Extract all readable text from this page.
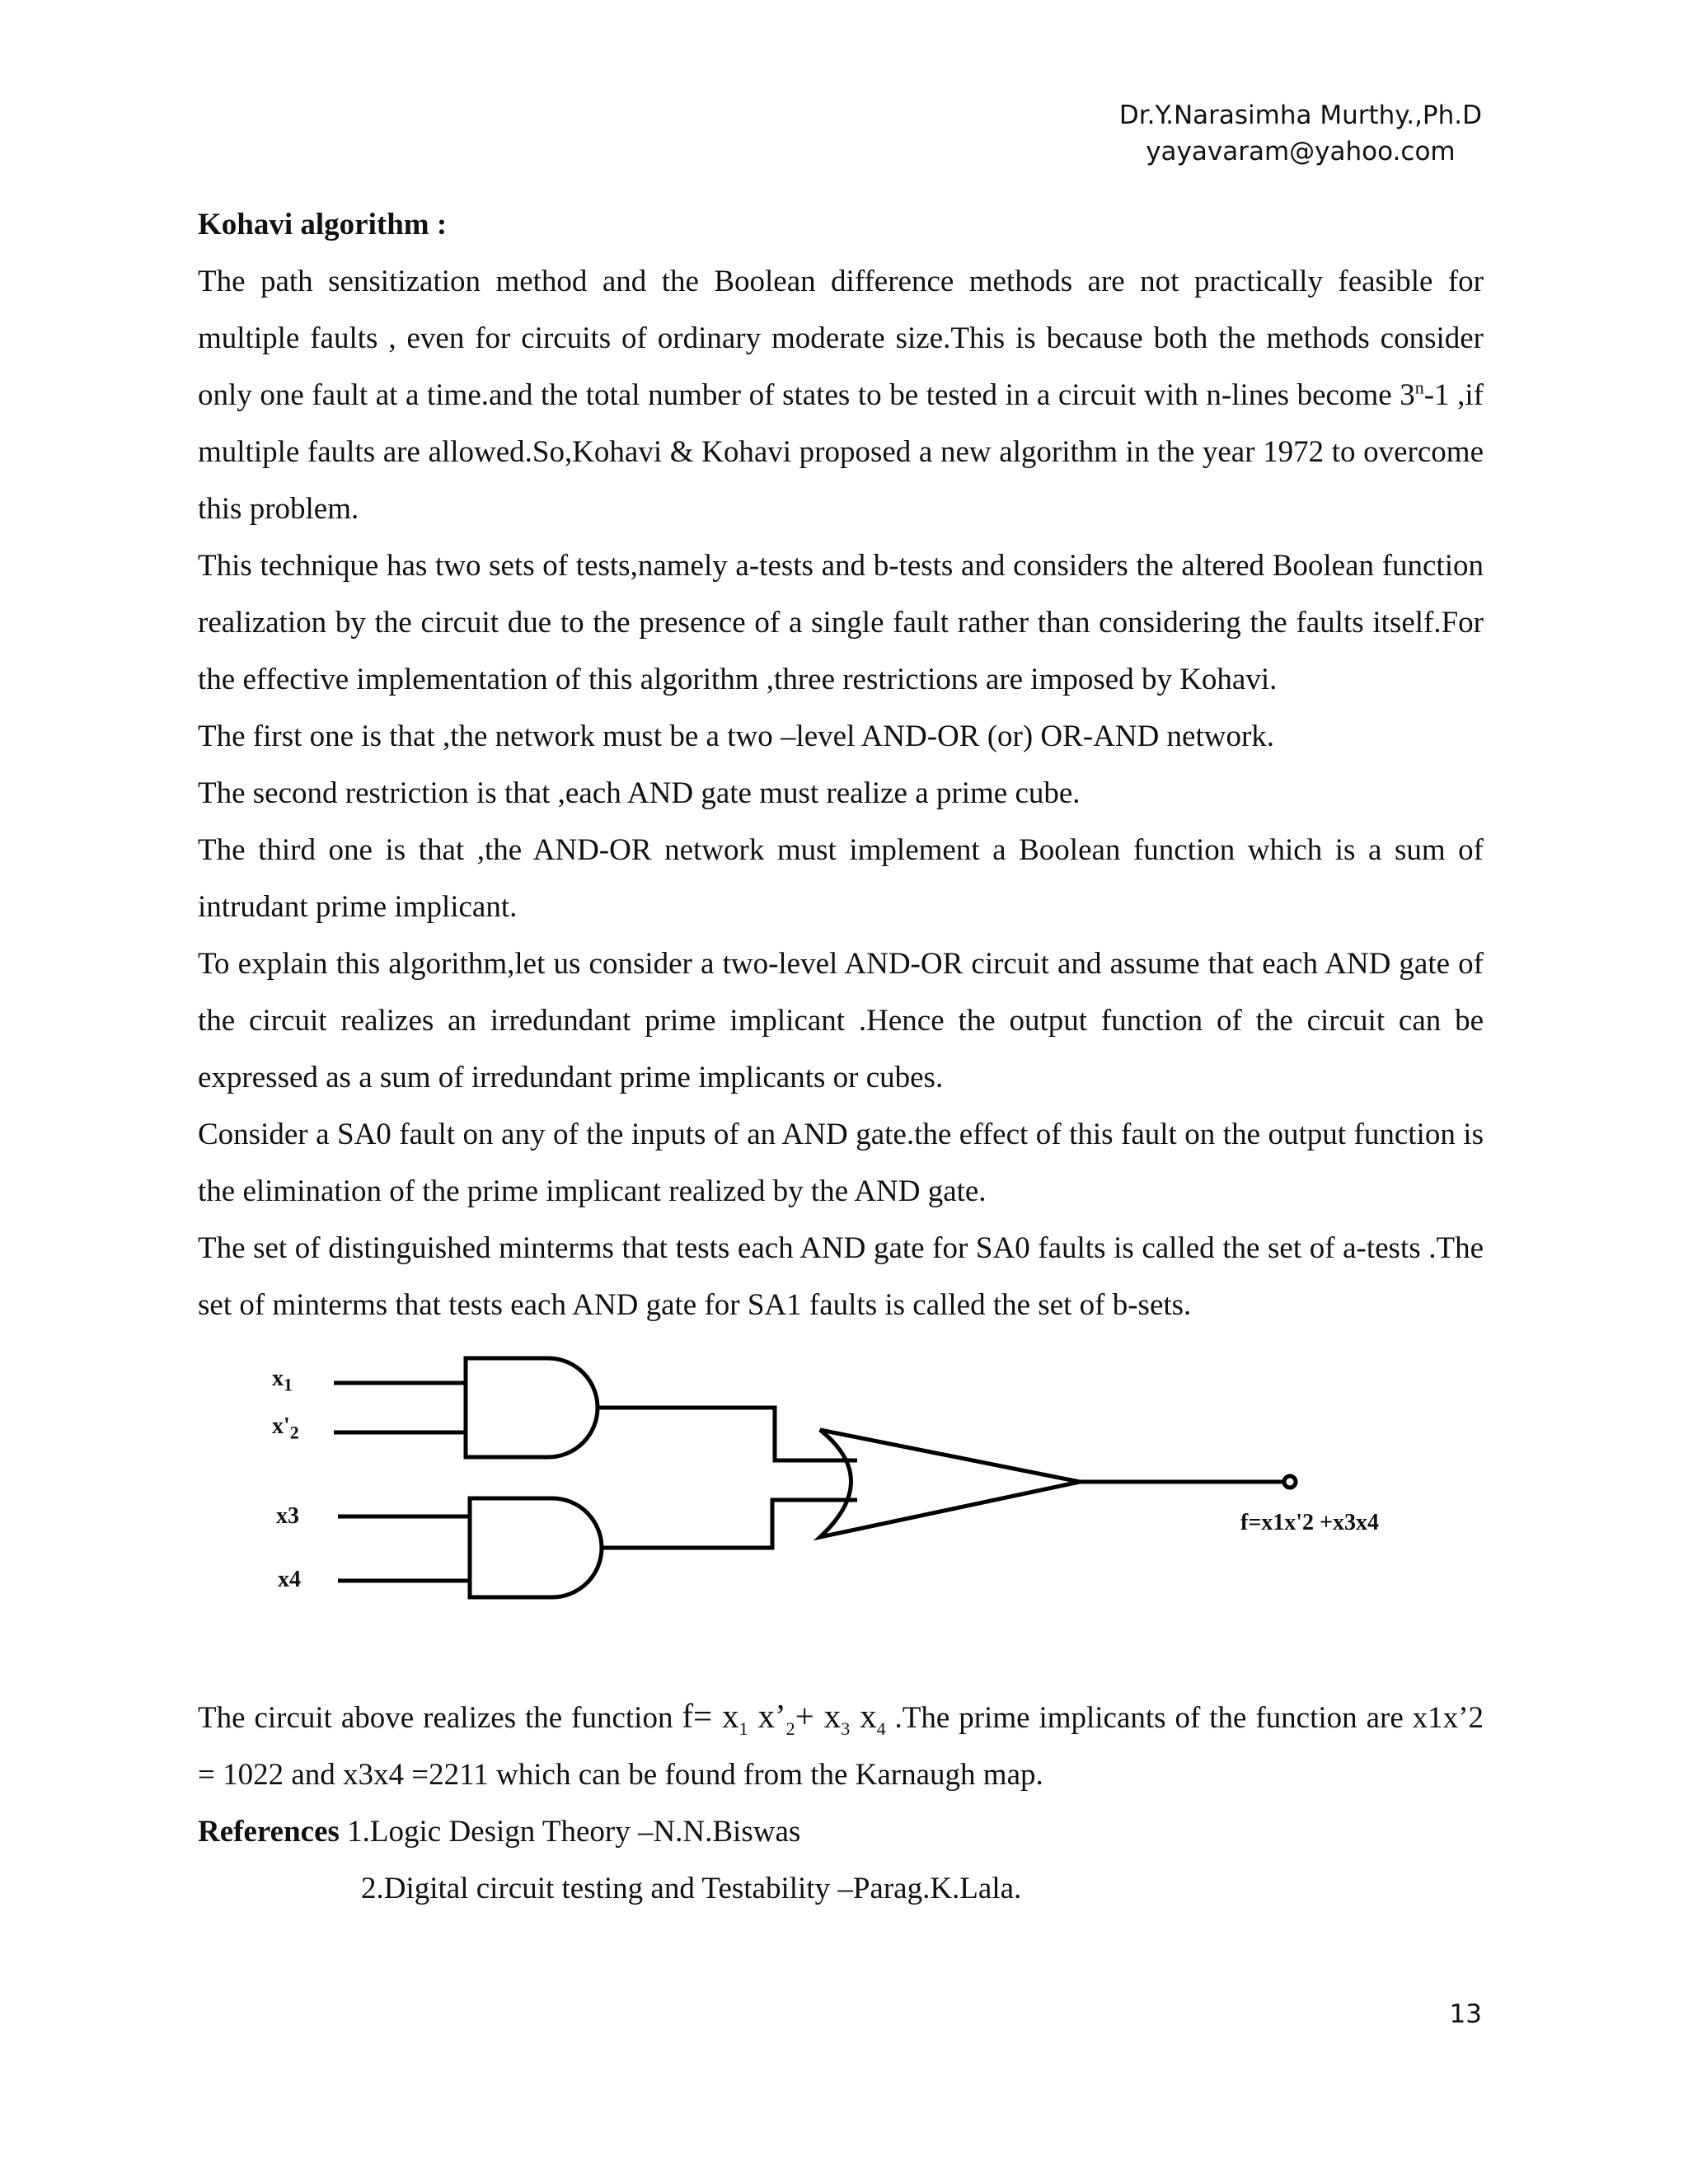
Dr.Y.Narasimha Murthy.,Ph.D
yayavaram@yahoo.com

Kohavi algorithm :

The path sensitization method and the Boolean difference methods are not practically feasible for multiple faults , even for circuits of ordinary moderate size.This is because both the methods consider only one fault at a time.and the total number of states to be tested in a circuit with n-lines become 3$^n$-1 ,if multiple faults are allowed.So,Kohavi & Kohavi proposed a new algorithm in the year 1972 to overcome this problem.

This technique has two sets of tests,namely a-tests and b-tests and considers the altered Boolean function realization by the circuit due to the presence of a single fault rather than considering the faults itself.For the effective implementation of this algorithm ,three restrictions are imposed by Kohavi.

The first one is that ,the network must be a two –level AND-OR (or) OR-AND network.

The second restriction is that ,each AND gate must realize a prime cube.

The third one is that ,the AND-OR network must implement a Boolean function which is a sum of intrudant prime implicant.

To explain this algorithm,let us consider a two-level AND-OR circuit and assume that each AND gate of the circuit realizes an irredundant prime implicant .Hence the output function of the circuit can be expressed as a sum of irredundant prime implicants or cubes.

Consider a SA0 fault on any of the inputs of an AND gate.the effect of this fault on the output function is the elimination of the prime implicant realized by the AND gate.

The set of distinguished minterms that tests each AND gate for SA0 faults is called the set of a-tests .The set of minterms that tests each AND gate for SA1 faults is called the set of b-sets.

$x_1$
$x'_2$
x3
x4
f=x1x'2 +x3x4

The circuit above realizes the function $f= x_1$ $x’_2+ x_3$ $x_4$ .The prime implicants of the function are x1x’2 = 1022 and x3x4 =2211 which can be found from the Karnaugh map.

References 1.Logic Design Theory –N.N.Biswas

2.Digital circuit testing and Testability –Parag.K.Lala.

13
